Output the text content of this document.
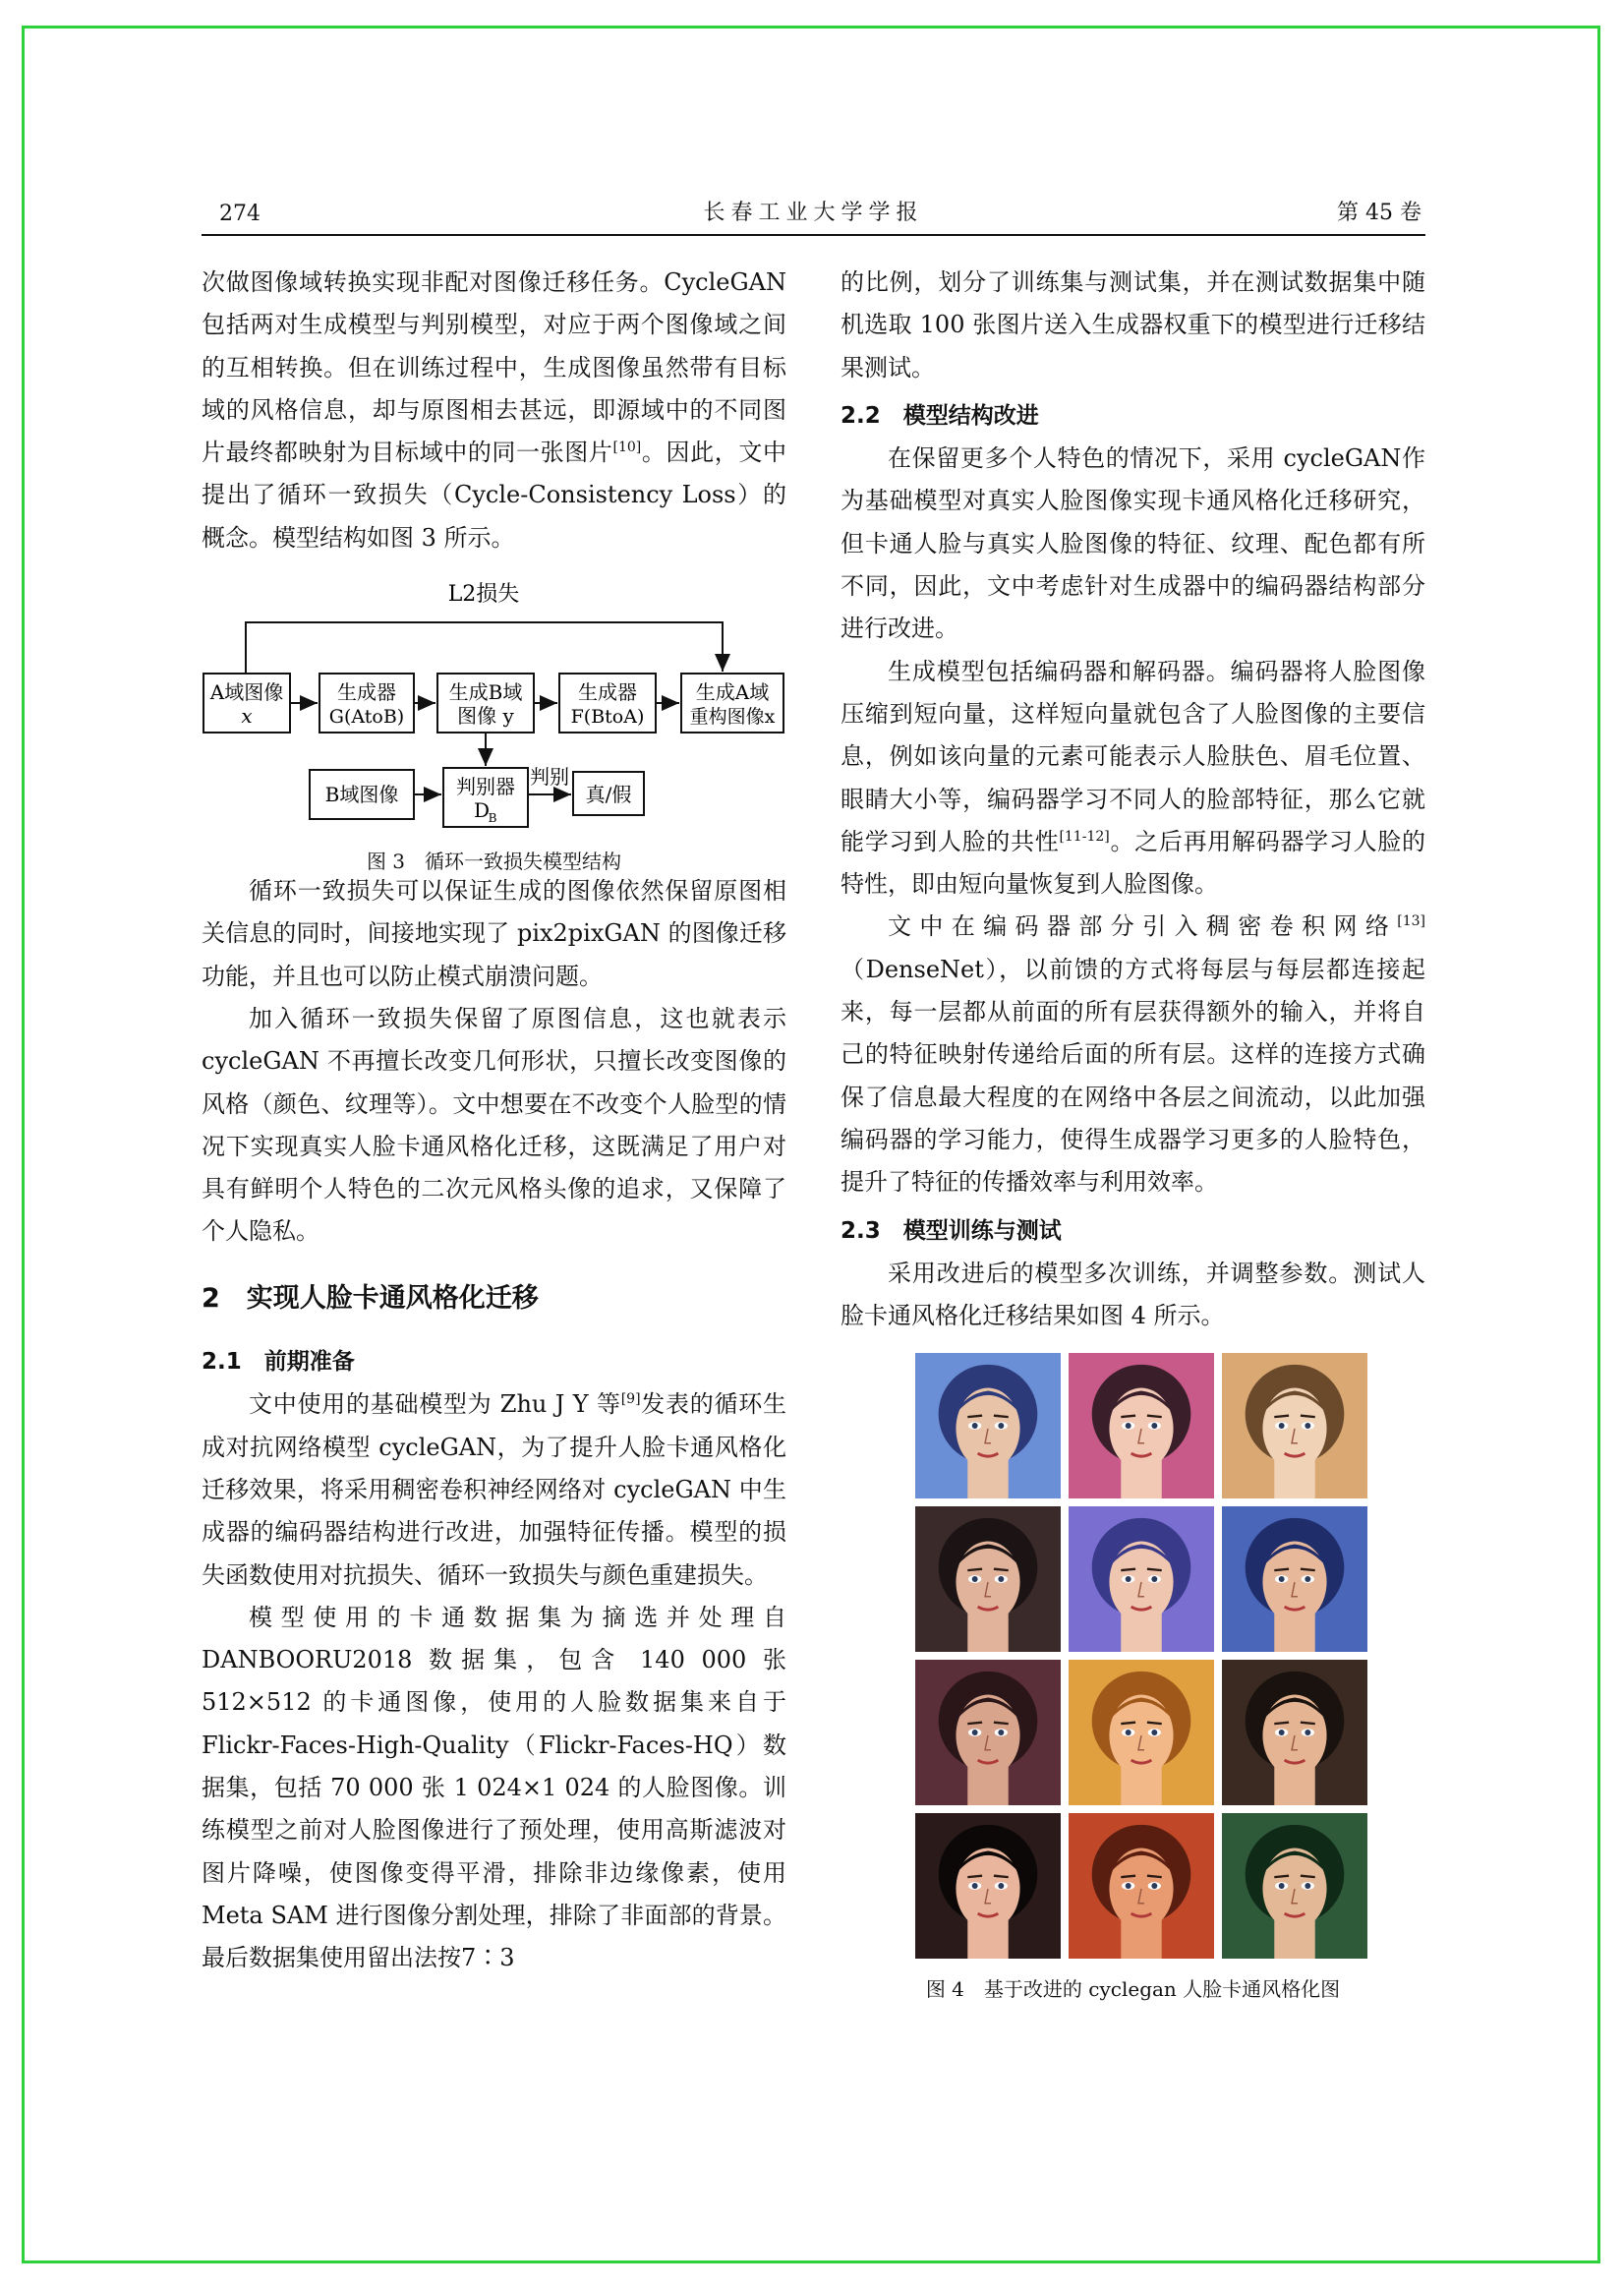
274	长春工业大学学报	第 45 卷

次做图像域转换实现非配对图像迁移任务。CycleGAN包括两对生成模型与判别模型，对应于两个图像域之间的互相转换。但在训练过程中，生成图像虽然带有目标域的风格信息，却与原图相去甚远，即源域中的不同图片最终都映射为目标域中的同一张图片[10]。因此，文中提出了循环一致损失（Cycle-Consistency Loss）的概念。模型结构如图 3 所示。

L2损失
A域图像
x
生成器
G(AtoB)
生成B域
图像 y
生成器
F(BtoA)
生成A域
重构图像x
B域图像	判别器
D
B
判别
真/假
图 3　循环一致损失模型结构

循环一致损失可以保证生成的图像依然保留原图相关信息的同时，间接地实现了 pix2pixGAN 的图像迁移功能，并且也可以防止模式崩溃问题。

加入循环一致损失保留了原图信息，这也就表示 cycleGAN 不再擅长改变几何形状，只擅长改变图像的风格（颜色、纹理等）。文中想要在不改变个人脸型的情况下实现真实人脸卡通风格化迁移，这既满足了用户对具有鲜明个人特色的二次元风格头像的追求，又保障了个人隐私。

2　实现人脸卡通风格化迁移
2.1　前期准备

文中使用的基础模型为 Zhu J Y 等[9]发表的循环生成对抗网络模型 cycleGAN，为了提升人脸卡通风格化迁移效果，将采用稠密卷积神经网络对 cycleGAN 中生成器的编码器结构进行改进，加强特征传播。模型的损失函数使用对抗损失、循环一致损失与颜色重建损失。

模型使用的卡通数据集为摘选并处理自 DANBOORU2018 数据集，包含 140 000 张 512×512 的卡通图像，使用的人脸数据集来自于 Flickr-Faces-High-Quality（Flickr-Faces-HQ）数据集，包括 70 000 张 1 024×1 024 的人脸图像。训练模型之前对人脸图像进行了预处理，使用高斯滤波对图片降噪，使图像变得平滑，排除非边缘像素，使用 Meta SAM 进行图像分割处理，排除了非面部的背景。最后数据集使用留出法按7∶3

的比例，划分了训练集与测试集，并在测试数据集中随机选取 100 张图片送入生成器权重下的模型进行迁移结果测试。

2.2　模型结构改进

在保留更多个人特色的情况下，采用 cycleGAN作为基础模型对真实人脸图像实现卡通风格化迁移研究，但卡通人脸与真实人脸图像的特征、纹理、配色都有所不同，因此，文中考虑针对生成器中的编码器结构部分进行改进。

生成模型包括编码器和解码器。编码器将人脸图像压缩到短向量，这样短向量就包含了人脸图像的主要信息，例如该向量的元素可能表示人脸肤色、眉毛位置、眼睛大小等，编码器学习不同人的脸部特征，那么它就能学习到人脸的共性[11-12]。之后再用解码器学习人脸的特性，即由短向量恢复到人脸图像。

文中在编码器部分引入稠密卷积网络[13]（DenseNet），以前馈的方式将每层与每层都连接起来，每一层都从前面的所有层获得额外的输入，并将自己的特征映射传递给后面的所有层。这样的连接方式确保了信息最大程度的在网络中各层之间流动，以此加强编码器的学习能力，使得生成器学习更多的人脸特色，提升了特征的传播效率与利用效率。

2.3　模型训练与测试

采用改进后的模型多次训练，并调整参数。测试人脸卡通风格化迁移结果如图 4 所示。

图 4　基于改进的 cyclegan 人脸卡通风格化图
